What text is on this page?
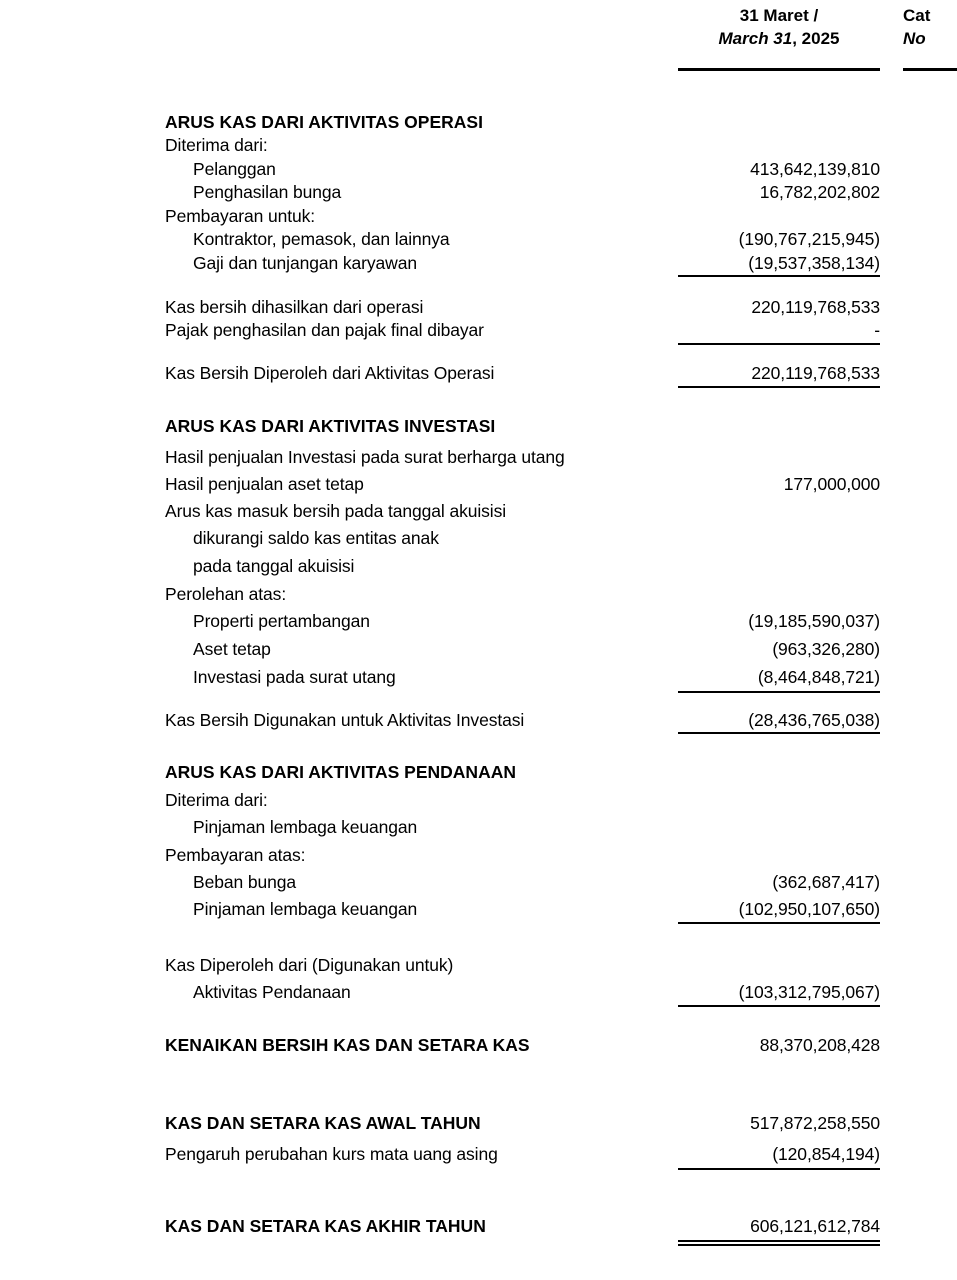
31 Maret /
March 31, 2025
Cat
No
ARUS KAS DARI AKTIVITAS OPERASI
Diterima dari:
Pelanggan	413,642,139,810
Penghasilan bunga	16,782,202,802
Pembayaran untuk:
Kontraktor, pemasok, dan lainnya	(190,767,215,945)
Gaji dan tunjangan karyawan	(19,537,358,134)
Kas bersih dihasilkan dari operasi	220,119,768,533
Pajak penghasilan dan pajak final dibayar	-
Kas Bersih Diperoleh dari Aktivitas Operasi	220,119,768,533
ARUS KAS DARI AKTIVITAS INVESTASI
Hasil penjualan Investasi pada surat berharga utang

Hasil penjualan aset tetap	177,000,000

Arus kas masuk bersih pada tanggal akuisisi
dikurangi saldo kas entitas anak
pada tanggal akuisisi
Perolehan atas:
Properti pertambangan	(19,185,590,037)
Aset tetap	(963,326,280)

Investasi pada surat utang	(8,464,848,721)

Kas Bersih Digunakan untuk Aktivitas Investasi	(28,436,765,038)
ARUS KAS DARI AKTIVITAS PENDANAAN
Diterima dari:
Pinjaman lembaga keuangan
Pembayaran atas:
Beban bunga	(362,687,417)
Pinjaman lembaga keuangan	(102,950,107,650)
Kas Diperoleh dari (Digunakan untuk)
Aktivitas Pendanaan	(103,312,795,067)
KENAIKAN BERSIH KAS DAN SETARA KAS	88,370,208,428
KAS DAN SETARA KAS AWAL TAHUN	517,872,258,550
Pengaruh perubahan kurs mata uang asing	(120,854,194)
KAS DAN SETARA KAS AKHIR TAHUN	606,121,612,784
